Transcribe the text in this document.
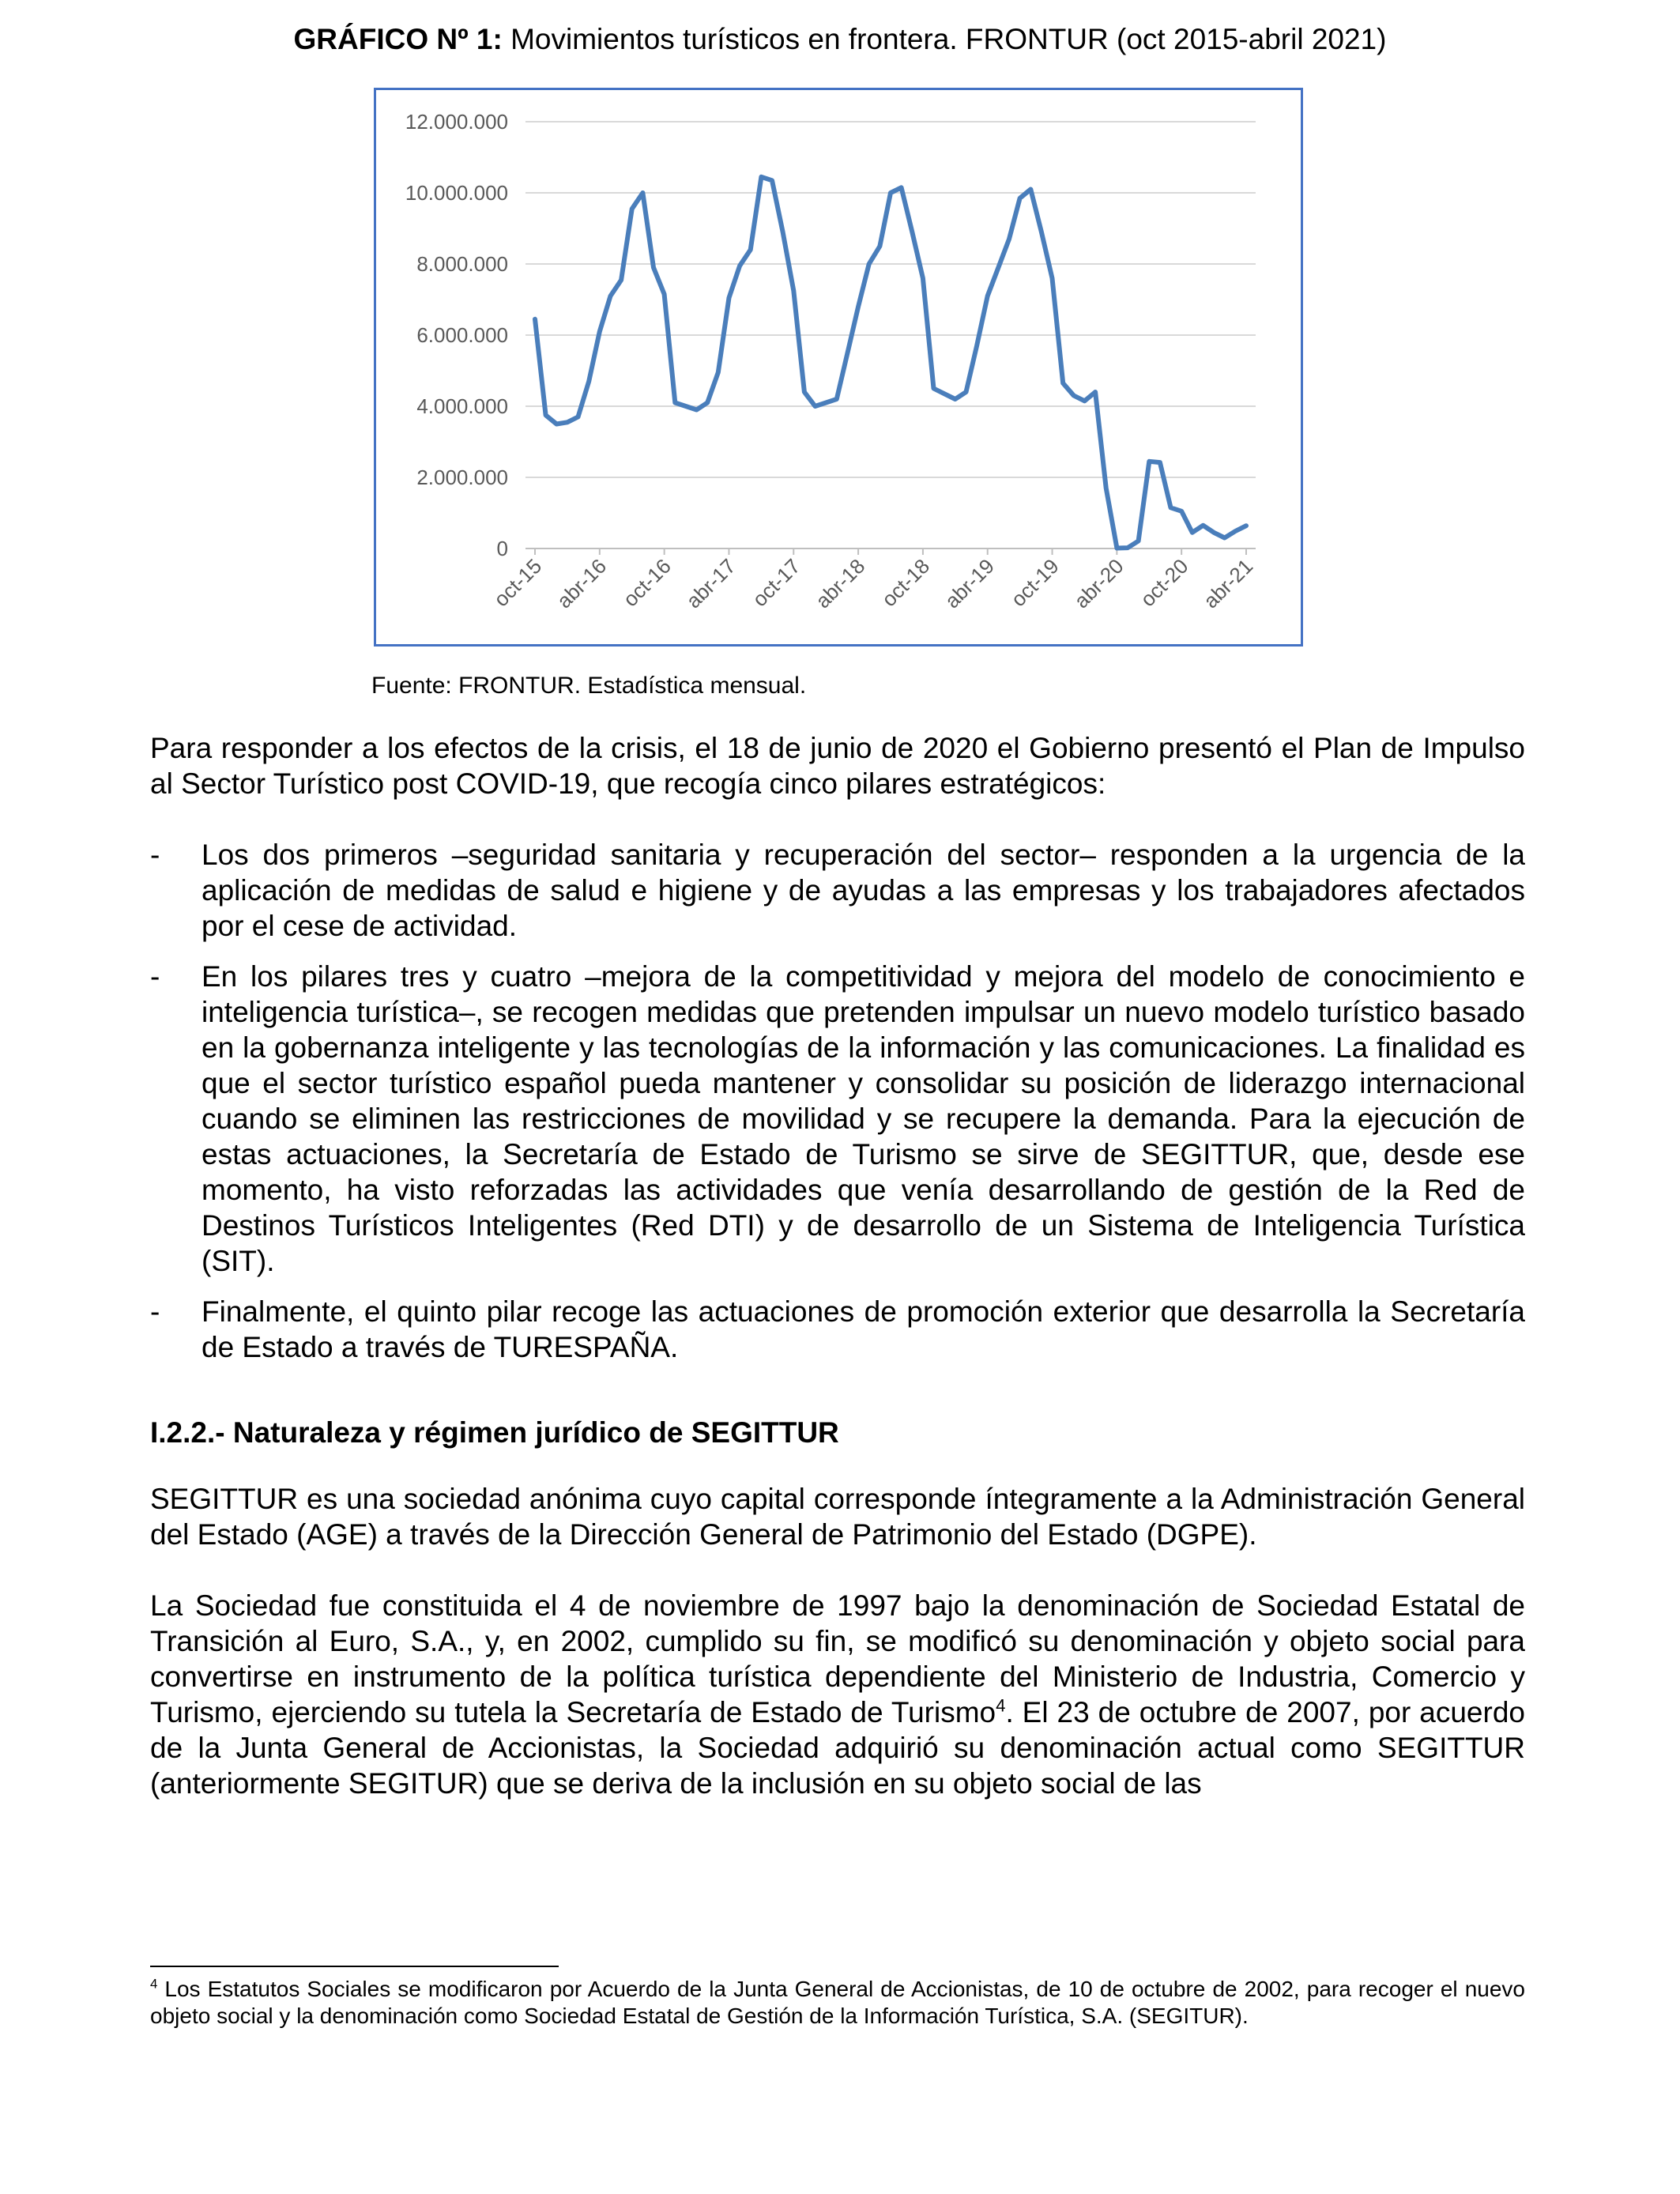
GRÁFICO Nº 1: Movimientos turísticos en frontera. FRONTUR (oct 2015-abril 2021)
0
2.000.000
4.000.000
6.000.000
8.000.000
10.000.000
12.000.000
oct-15 abr-16 oct-16 abr-17 oct-17 abr-18 oct-18 abr-19 oct-19 abr-20 oct-20 abr-21
Fuente: FRONTUR. Estadística mensual.
Para responder a los efectos de la crisis, el 18 de junio de 2020 el Gobierno presentó el Plan de Impulso al Sector Turístico post COVID-19, que recogía cinco pilares estratégicos:
- Los dos primeros –seguridad sanitaria y recuperación del sector– responden a la urgencia de la aplicación de medidas de salud e higiene y de ayudas a las empresas y los trabajadores afectados por el cese de actividad.
- En los pilares tres y cuatro –mejora de la competitividad y mejora del modelo de conocimiento e inteligencia turística–, se recogen medidas que pretenden impulsar un nuevo modelo turístico basado en la gobernanza inteligente y las tecnologías de la información y las comunicaciones. La finalidad es que el sector turístico español pueda mantener y consolidar su posición de liderazgo internacional cuando se eliminen las restricciones de movilidad y se recupere la demanda. Para la ejecución de estas actuaciones, la Secretaría de Estado de Turismo se sirve de SEGITTUR, que, desde ese momento, ha visto reforzadas las actividades que venía desarrollando de gestión de la Red de Destinos Turísticos Inteligentes (Red DTI) y de desarrollo de un Sistema de Inteligencia Turística (SIT).
- Finalmente, el quinto pilar recoge las actuaciones de promoción exterior que desarrolla la Secretaría de Estado a través de TURESPAÑA.
I.2.2.- Naturaleza y régimen jurídico de SEGITTUR
SEGITTUR es una sociedad anónima cuyo capital corresponde íntegramente a la Administración General del Estado (AGE) a través de la Dirección General de Patrimonio del Estado (DGPE).
La Sociedad fue constituida el 4 de noviembre de 1997 bajo la denominación de Sociedad Estatal de Transición al Euro, S.A., y, en 2002, cumplido su fin, se modificó su denominación y objeto social para convertirse en instrumento de la política turística dependiente del Ministerio de Industria, Comercio y Turismo, ejerciendo su tutela la Secretaría de Estado de Turismo$^4$. El 23 de octubre de 2007, por acuerdo de la Junta General de Accionistas, la Sociedad adquirió su denominación actual como SEGITTUR (anteriormente SEGITUR) que se deriva de la inclusión en su objeto social de las
$^4$ Los Estatutos Sociales se modificaron por Acuerdo de la Junta General de Accionistas, de 10 de octubre de 2002, para recoger el nuevo objeto social y la denominación como Sociedad Estatal de Gestión de la Información Turística, S.A. (SEGITUR).
